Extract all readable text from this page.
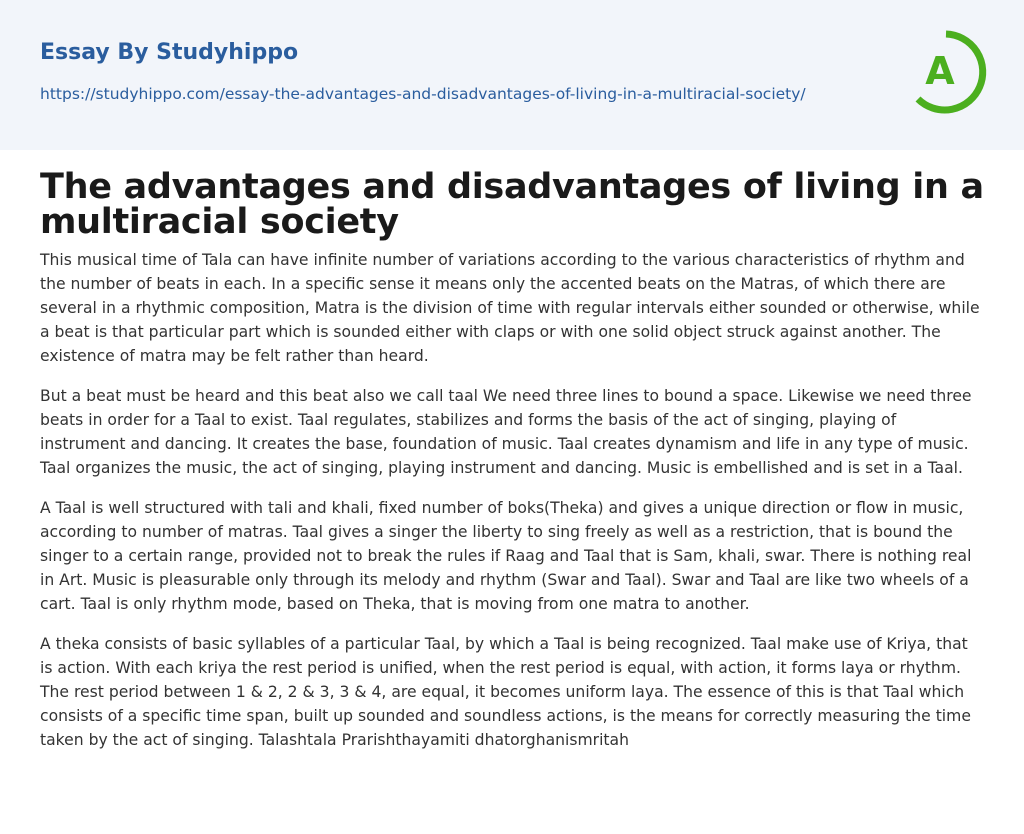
Essay By Studyhippo
https://studyhippo.com/essay-the-advantages-and-disadvantages-of-living-in-a-multiracial-society/
A
The advantages and disadvantages of living in a multiracial society

This musical time of Tala can have infinite number of variations according to the various characteristics of rhythm and the number of beats in each. In a specific sense it means only the accented beats on the Matras, of which there are several in a rhythmic composition, Matra is the division of time with regular intervals either sounded or otherwise, while a beat is that particular part which is sounded either with claps or with one solid object struck against another. The existence of matra may be felt rather than heard.

But a beat must be heard and this beat also we call taal We need three lines to bound a space. Likewise we need three beats in order for a Taal to exist. Taal regulates, stabilizes and forms the basis of the act of singing, playing of instrument and dancing. It creates the base, foundation of music. Taal creates dynamism and life in any type of music. Taal organizes the music, the act of singing, playing instrument and dancing. Music is embellished and is set in a Taal.

A Taal is well structured with tali and khali, fixed number of boks(Theka) and gives a unique direction or flow in music, according to number of matras. Taal gives a singer the liberty to sing freely as well as a restriction, that is bound the singer to a certain range, provided not to break the rules if Raag and Taal that is Sam, khali, swar. There is nothing real in Art. Music is pleasurable only through its melody and rhythm (Swar and Taal). Swar and Taal are like two wheels of a cart. Taal is only rhythm mode, based on Theka, that is moving from one matra to another.

A theka consists of basic syllables of a particular Taal, by which a Taal is being recognized. Taal make use of Kriya, that is action. With each kriya the rest period is unified, when the rest period is equal, with action, it forms laya or rhythm. The rest period between 1 & 2, 2 & 3, 3 & 4, are equal, it becomes uniform laya. The essence of this is that Taal which consists of a specific time span, built up sounded and soundless actions, is the means for correctly measuring the time taken by the act of singing. Talashtala Prarishthayamiti dhatorghanismritah
